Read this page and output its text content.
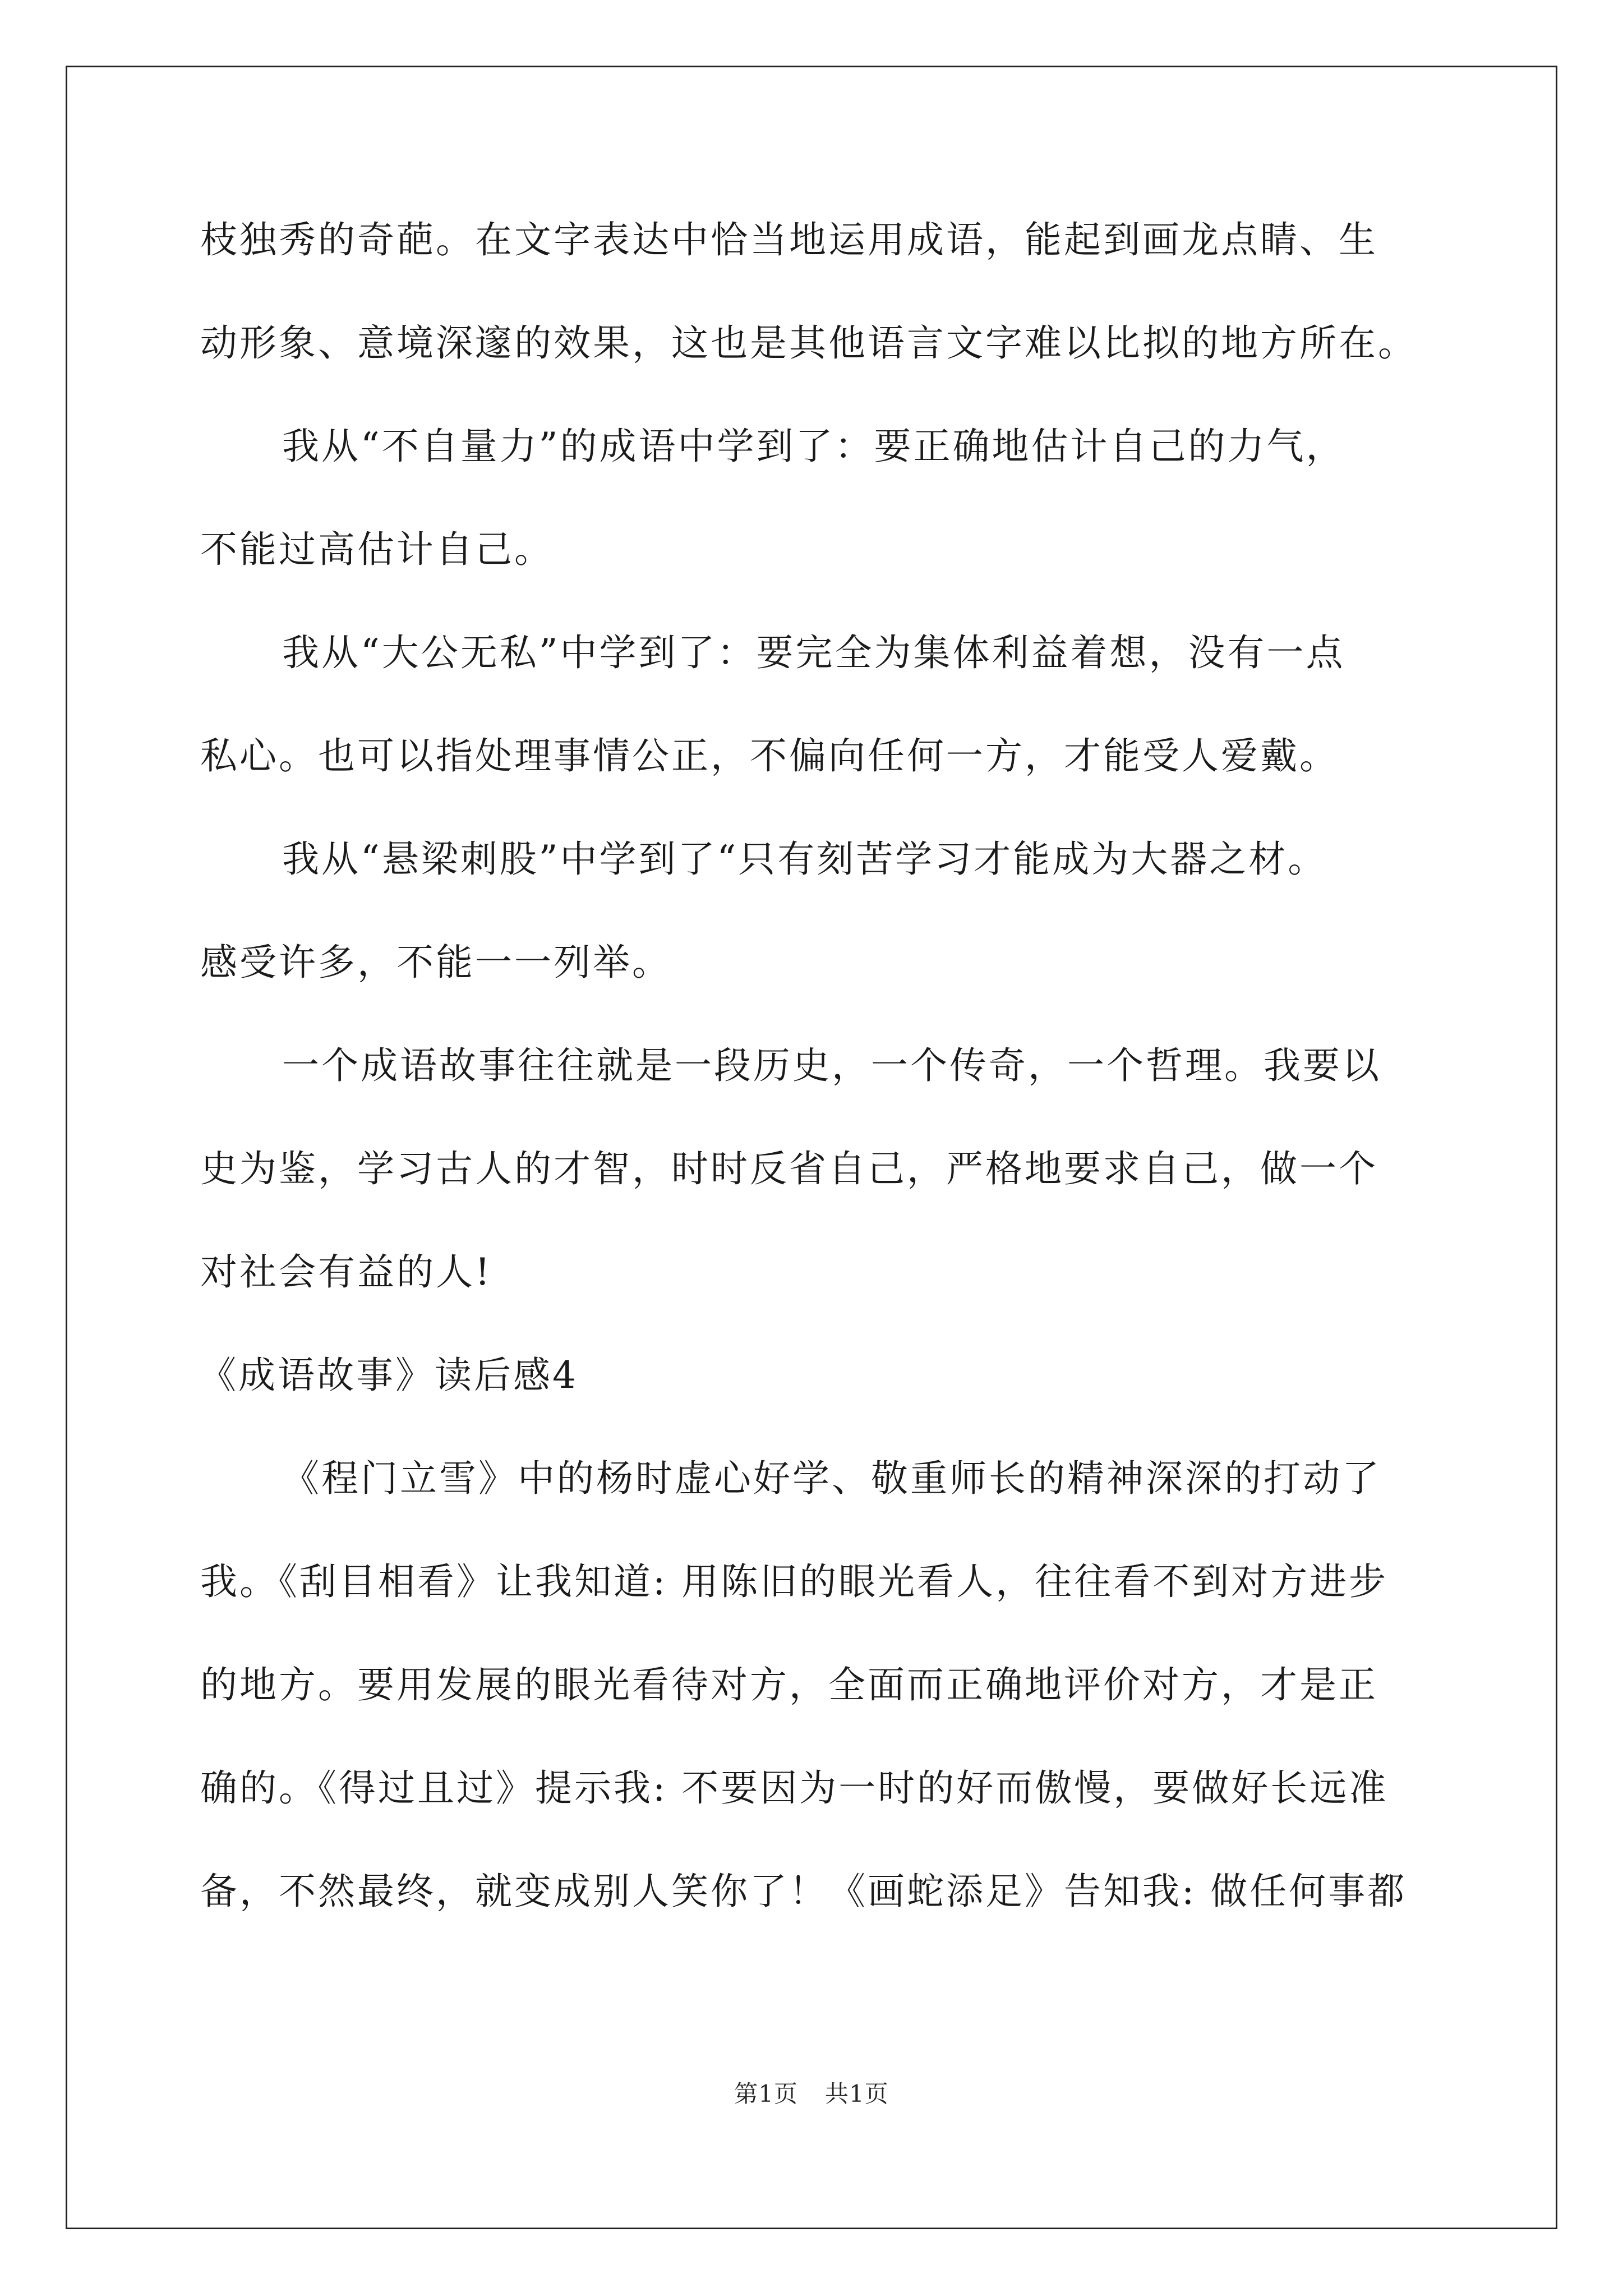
枝独秀的奇葩。在文字表达中恰当地运用成语，能起到画龙点睛、生
动形象、意境深邃的效果，这也是其他语言文字难以比拟的地方所在。
我从“不自量力”的成语中学到了：要正确地估计自己的力气，
不能过高估计自己。
我从“大公无私”中学到了：要完全为集体利益着想，没有一点
私心。也可以指处理事情公正，不偏向任何一方，才能受人爱戴。
我从“悬梁刺股”中学到了“只有刻苦学习才能成为大器之材。
感受许多，不能一一列举。
一个成语故事往往就是一段历史，一个传奇，一个哲理。我要以
史为鉴，学习古人的才智，时时反省自己，严格地要求自己，做一个
对社会有益的人!
《成语故事》读后感4
《程门立雪》中的杨时虚心好学、敬重师长的精神深深的打动了
我。《刮目相看》让我知道: 用陈旧的眼光看人，往往看不到对方进步
的地方。要用发展的眼光看待对方，全面而正确地评价对方，才是正
确的。《得过且过》提示我: 不要因为一时的好而傲慢，要做好长远准
备，不然最终，就变成别人笑你了！《画蛇添足》告知我: 做任何事都
第1页 共1页
